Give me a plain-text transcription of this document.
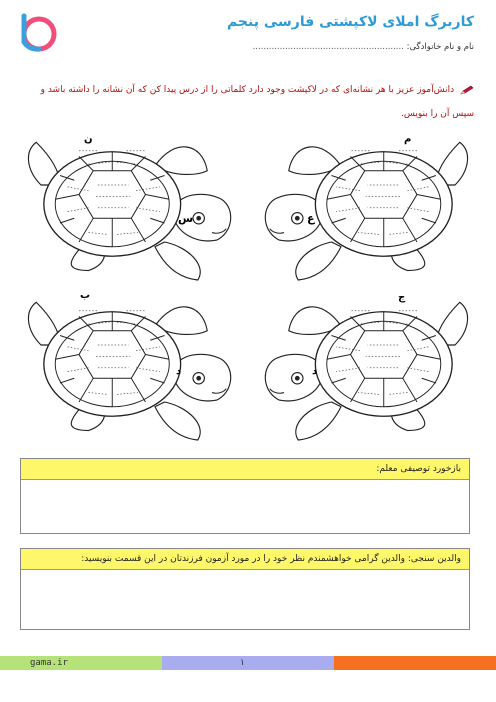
کاربرگ املای لاکپشتی فارسی پنجم
نام و نام خانوادگی: ........................................................
دانش‌آموز عزیز با هر نشانه‌ای که در لاکپشت وجود دارد کلماتی را از درس پیدا کن که آن نشانه را داشته باشد و سپس آن را بنویس.
ن
س
م
ع
ب
د
ج
د
بازخورد توصیفی معلم:
والدین سنجی: والدین گرامی خواهشمندم نظر خود را در مورد آزمون فرزندتان در این قسمت بنویسید:
gama.ir	۱
